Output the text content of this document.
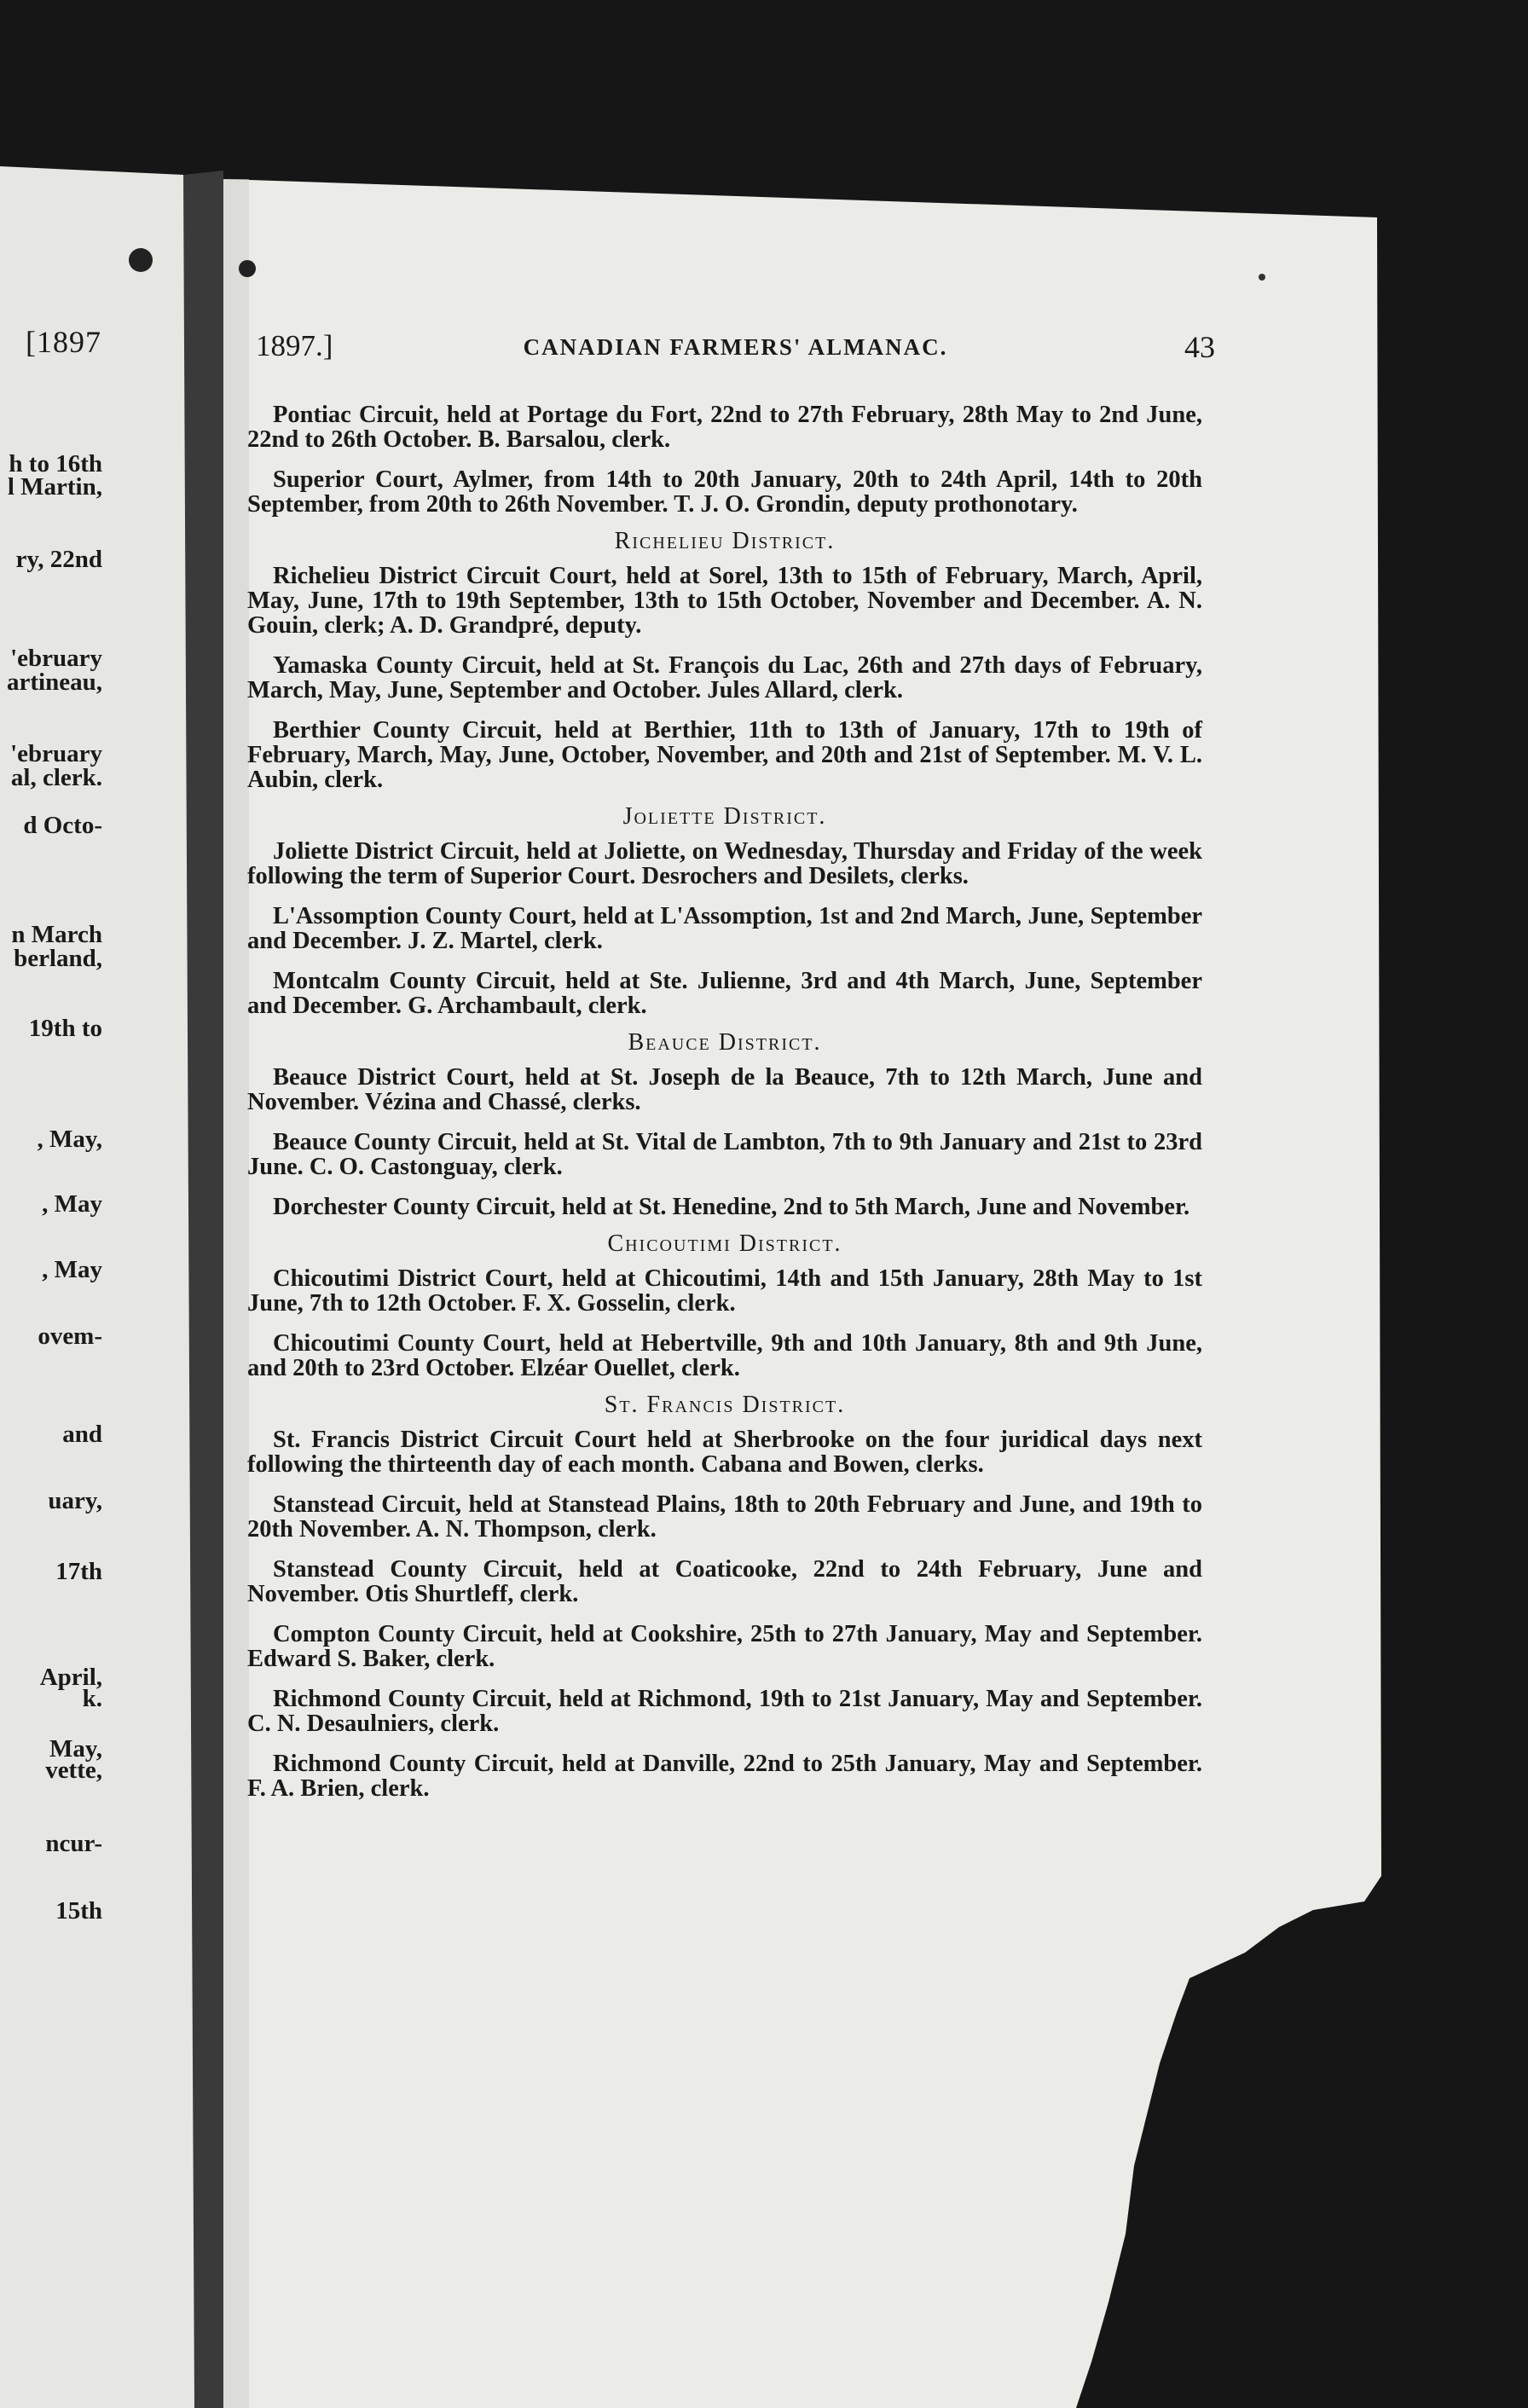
[1897
h to 16th
l Martin,
ry, 22nd
'ebruary
artineau,
'ebruary
al, clerk.
d Octo-
n March
berland,
19th to
, May,
, May
, May
ovem-
and
uary,
17th
April,
k.
May,
vette,
ncur-
15th
1897.]	CANADIAN FARMERS' ALMANAC.	43

Pontiac Circuit, held at Portage du Fort, 22nd to 27th February, 28th May to 2nd June, 22nd to 26th October. B. Barsalou, clerk.

Superior Court, Aylmer, from 14th to 20th January, 20th to 24th April, 14th to 20th September, from 20th to 26th November. T. J. O. Grondin, deputy prothonotary.

Richelieu District.

Richelieu District Circuit Court, held at Sorel, 13th to 15th of February, March, April, May, June, 17th to 19th September, 13th to 15th October, November and December. A. N. Gouin, clerk; A. D. Grandpré, deputy.

Yamaska County Circuit, held at St. François du Lac, 26th and 27th days of February, March, May, June, September and October. Jules Allard, clerk.

Berthier County Circuit, held at Berthier, 11th to 13th of January, 17th to 19th of February, March, May, June, October, November, and 20th and 21st of September. M. V. L. Aubin, clerk.

Joliette District.

Joliette District Circuit, held at Joliette, on Wednesday, Thursday and Friday of the week following the term of Superior Court. Desrochers and Desilets, clerks.

L'Assomption County Court, held at L'Assomption, 1st and 2nd March, June, September and December. J. Z. Martel, clerk.

Montcalm County Circuit, held at Ste. Julienne, 3rd and 4th March, June, September and December. G. Archambault, clerk.

Beauce District.

Beauce District Court, held at St. Joseph de la Beauce, 7th to 12th March, June and November. Vézina and Chassé, clerks.

Beauce County Circuit, held at St. Vital de Lambton, 7th to 9th January and 21st to 23rd June. C. O. Castonguay, clerk.

Dorchester County Circuit, held at St. Henedine, 2nd to 5th March, June and November.

Chicoutimi District.

Chicoutimi District Court, held at Chicoutimi, 14th and 15th January, 28th May to 1st June, 7th to 12th October. F. X. Gosselin, clerk.

Chicoutimi County Court, held at Hebertville, 9th and 10th January, 8th and 9th June, and 20th to 23rd October. Elzéar Ouellet, clerk.

St. Francis District.

St. Francis District Circuit Court held at Sherbrooke on the four juridical days next following the thirteenth day of each month. Cabana and Bowen, clerks.

Stanstead Circuit, held at Stanstead Plains, 18th to 20th February and June, and 19th to 20th November. A. N. Thompson, clerk.

Stanstead County Circuit, held at Coaticooke, 22nd to 24th February, June and November. Otis Shurtleff, clerk.

Compton County Circuit, held at Cookshire, 25th to 27th January, May and September. Edward S. Baker, clerk.

Richmond County Circuit, held at Richmond, 19th to 21st January, May and September. C. N. Desaulniers, clerk.

Richmond County Circuit, held at Danville, 22nd to 25th January, May and September. F. A. Brien, clerk.
